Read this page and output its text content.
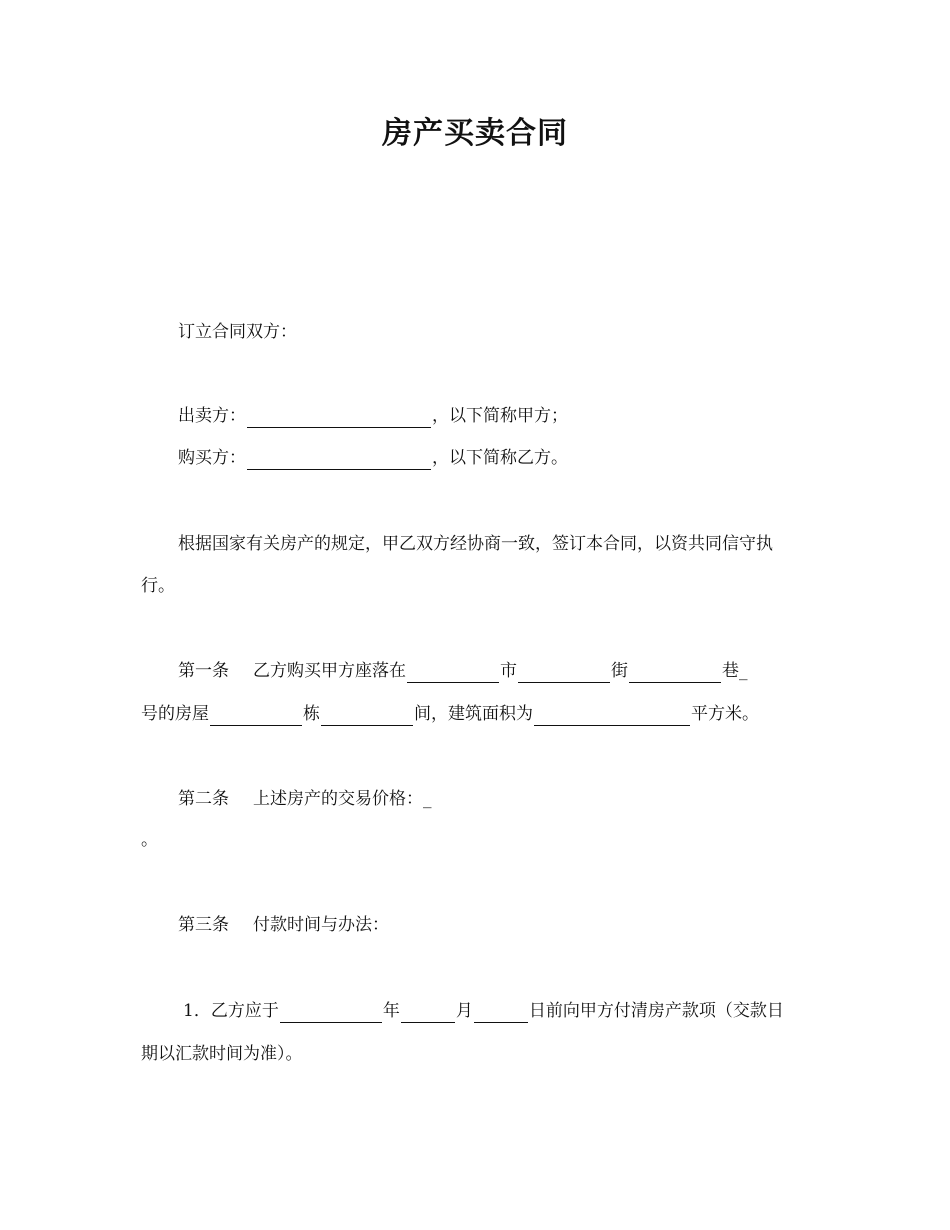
房产买卖合同
订立合同双方：
出卖方：	，以下简称甲方；
购买方：	，以下简称乙方。
根据国家有关房产的规定，甲乙双方经协商一致，签订本合同，以资共同信守执
行。
第一条 乙方购买甲方座落在	市	街	巷_
号的房屋	栋	间，建筑面积为	平方米。
第二条 上述房产的交易价格：_
。
第三条 付款时间与办法：
1． 乙方应于	年	月	日前向甲方付清房产款项（交款日
期以汇款时间为准）。
